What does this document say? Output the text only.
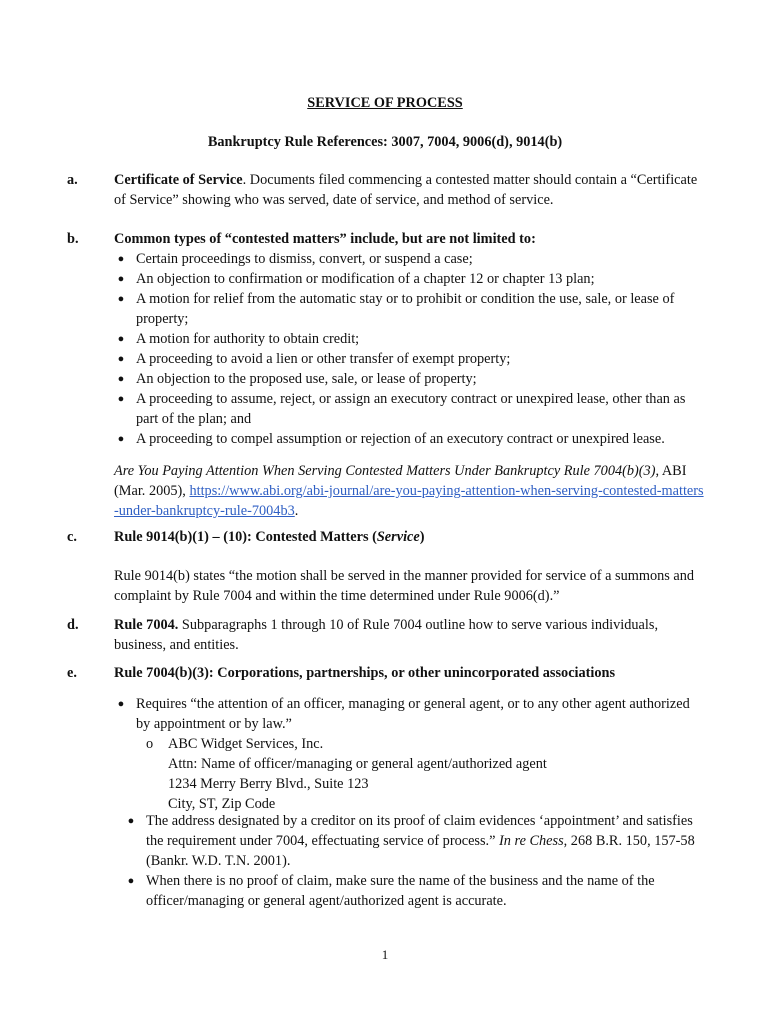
SERVICE OF PROCESS
Bankruptcy Rule References: 3007, 7004, 9006(d), 9014(b)
a.	Certificate of Service. Documents filed commencing a contested matter should contain a “Certificate of Service” showing who was served, date of service, and method of service.
b. Common types of “contested matters” include, but are not limited to:
● Certain proceedings to dismiss, convert, or suspend a case;
● An objection to confirmation or modification of a chapter 12 or chapter 13 plan;
● A motion for relief from the automatic stay or to prohibit or condition the use, sale, or lease of property;
● A motion for authority to obtain credit;
● A proceeding to avoid a lien or other transfer of exempt property;
● An objection to the proposed use, sale, or lease of property;
● A proceeding to assume, reject, or assign an executory contract or unexpired lease, other than as part of the plan; and
● A proceeding to compel assumption or rejection of an executory contract or unexpired lease.
Are You Paying Attention When Serving Contested Matters Under Bankruptcy Rule 7004(b)(3), ABI (Mar. 2005), https://www.abi.org/abi-journal/are-you-paying-attention-when-serving-contested-matters-under-bankruptcy-rule-7004b3.
c.	Rule 9014(b)(1) – (10): Contested Matters (Service)
Rule 9014(b) states “the motion shall be served in the manner provided for service of a summons and complaint by Rule 7004 and within the time determined under Rule 9006(d).”
d. Rule 7004. Subparagraphs 1 through 10 of Rule 7004 outline how to serve various individuals, business, and entities.
e.	Rule 7004(b)(3): Corporations, partnerships, or other unincorporated associations
● Requires “the attention of an officer, managing or general agent, or to any other agent authorized by appointment or by law.”
o ABC Widget Services, Inc.
Attn: Name of officer/managing or general agent/authorized agent
1234 Merry Berry Blvd., Suite 123
City, ST, Zip Code
● The address designated by a creditor on its proof of claim evidences ‘appointment’ and satisfies the requirement under 7004, effectuating service of process.” In re Chess, 268 B.R. 150, 157-58 (Bankr. W.D. T.N. 2001).
● When there is no proof of claim, make sure the name of the business and the name of the officer/managing or general agent/authorized agent is accurate.
1
